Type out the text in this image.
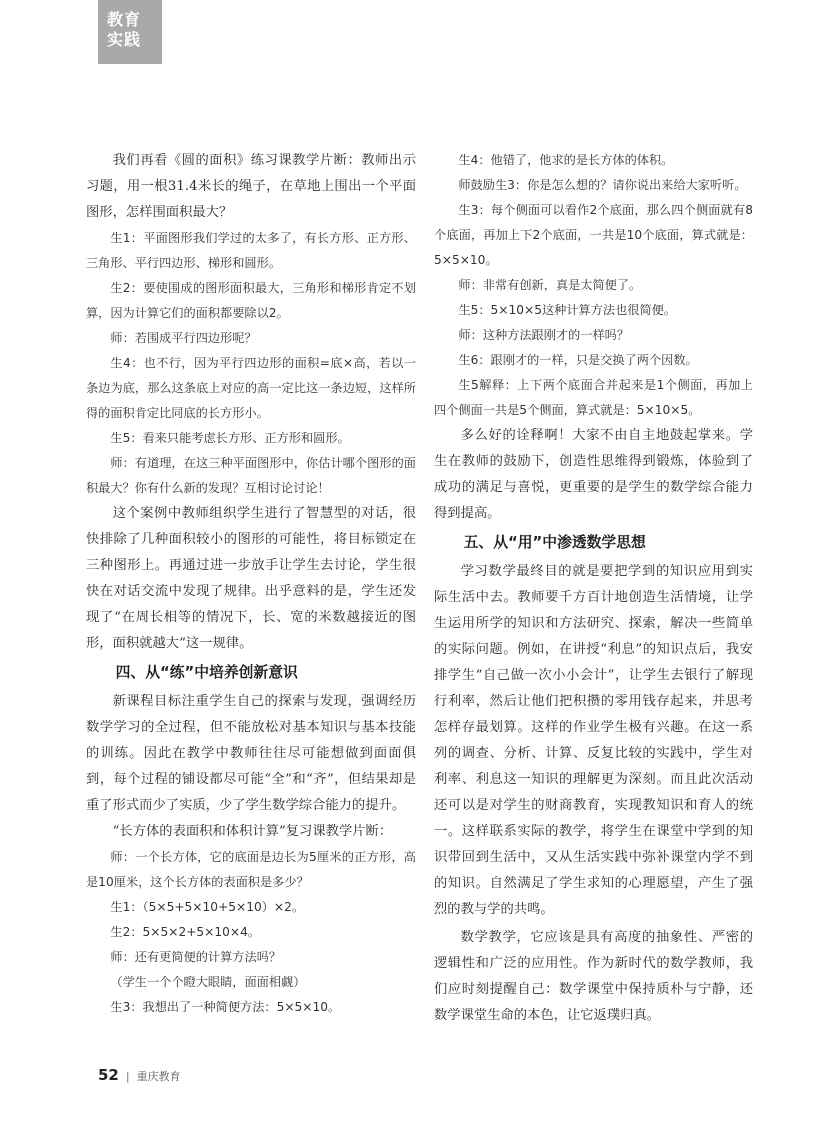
教育
实践

我们再看《圆的面积》练习课教学片断：教师出示习题，用一根31.4米长的绳子，在草地上围出一个平面图形，怎样围面积最大？

生1：平面图形我们学过的太多了，有长方形、正方形、三角形、平行四边形、梯形和圆形。

生2：要使围成的图形面积最大，三角形和梯形肯定不划算，因为计算它们的面积都要除以2。

师：若围成平行四边形呢？

生4：也不行，因为平行四边形的面积=底×高，若以一条边为底，那么这条底上对应的高一定比这一条边短，这样所得的面积肯定比同底的长方形小。

生5：看来只能考虑长方形、正方形和圆形。

师：有道理，在这三种平面图形中，你估计哪个图形的面积最大？你有什么新的发现？互相讨论讨论！

这个案例中教师组织学生进行了智慧型的对话，很快排除了几种面积较小的图形的可能性，将目标锁定在三种图形上。再通过进一步放手让学生去讨论，学生很快在对话交流中发现了规律。出乎意料的是，学生还发现了“在周长相等的情况下，长、宽的米数越接近的图形，面积就越大”这一规律。

四、从“练”中培养创新意识

新课程目标注重学生自己的探索与发现，强调经历数学学习的全过程，但不能放松对基本知识与基本技能的训练。因此在教学中教师往往尽可能想做到面面俱到，每个过程的铺设都尽可能“全”和“齐”，但结果却是重了形式而少了实质，少了学生数学综合能力的提升。

“长方体的表面积和体积计算”复习课教学片断：

师：一个长方体，它的底面是边长为5厘米的正方形，高是10厘米，这个长方体的表面积是多少？

生1：（5×5+5×10+5×10）×2。

生2：5×5×2+5×10×4。

师：还有更简便的计算方法吗？

（学生一个个瞪大眼睛，面面相觑）

生3：我想出了一种简便方法：5×5×10。

生4：他错了，他求的是长方体的体积。

师鼓励生3：你是怎么想的？请你说出来给大家听听。

生3：每个侧面可以看作2个底面，那么四个侧面就有8个底面，再加上下2个底面，一共是10个底面，算式就是：5×5×10。

师：非常有创新，真是太简便了。

生5：5×10×5这种计算方法也很简便。

师：这种方法跟刚才的一样吗？

生6：跟刚才的一样，只是交换了两个因数。

生5解释：上下两个底面合并起来是1个侧面，再加上四个侧面一共是5个侧面，算式就是：5×10×5。

多么好的诠释啊！大家不由自主地鼓起掌来。学生在教师的鼓励下，创造性思维得到锻炼，体验到了成功的满足与喜悦，更重要的是学生的数学综合能力得到提高。

五、从“用”中渗透数学思想

学习数学最终目的就是要把学到的知识应用到实际生活中去。教师要千方百计地创造生活情境，让学生运用所学的知识和方法研究、探索，解决一些简单的实际问题。例如，在讲授“利息”的知识点后，我安排学生“自己做一次小小会计”，让学生去银行了解现行利率，然后让他们把积攒的零用钱存起来，并思考怎样存最划算。这样的作业学生极有兴趣。在这一系列的调查、分析、计算、反复比较的实践中，学生对利率、利息这一知识的理解更为深刻。而且此次活动还可以是对学生的财商教育，实现教知识和育人的统一。这样联系实际的教学，将学生在课堂中学到的知识带回到生活中，又从生活实践中弥补课堂内学不到的知识。自然满足了学生求知的心理愿望，产生了强烈的教与学的共鸣。

数学教学，它应该是具有高度的抽象性、严密的逻辑性和广泛的应用性。作为新时代的数学教师，我们应时刻提醒自己：数学课堂中保持质朴与宁静，还数学课堂生命的本色，让它返璞归真。

52 | 重庆教育
